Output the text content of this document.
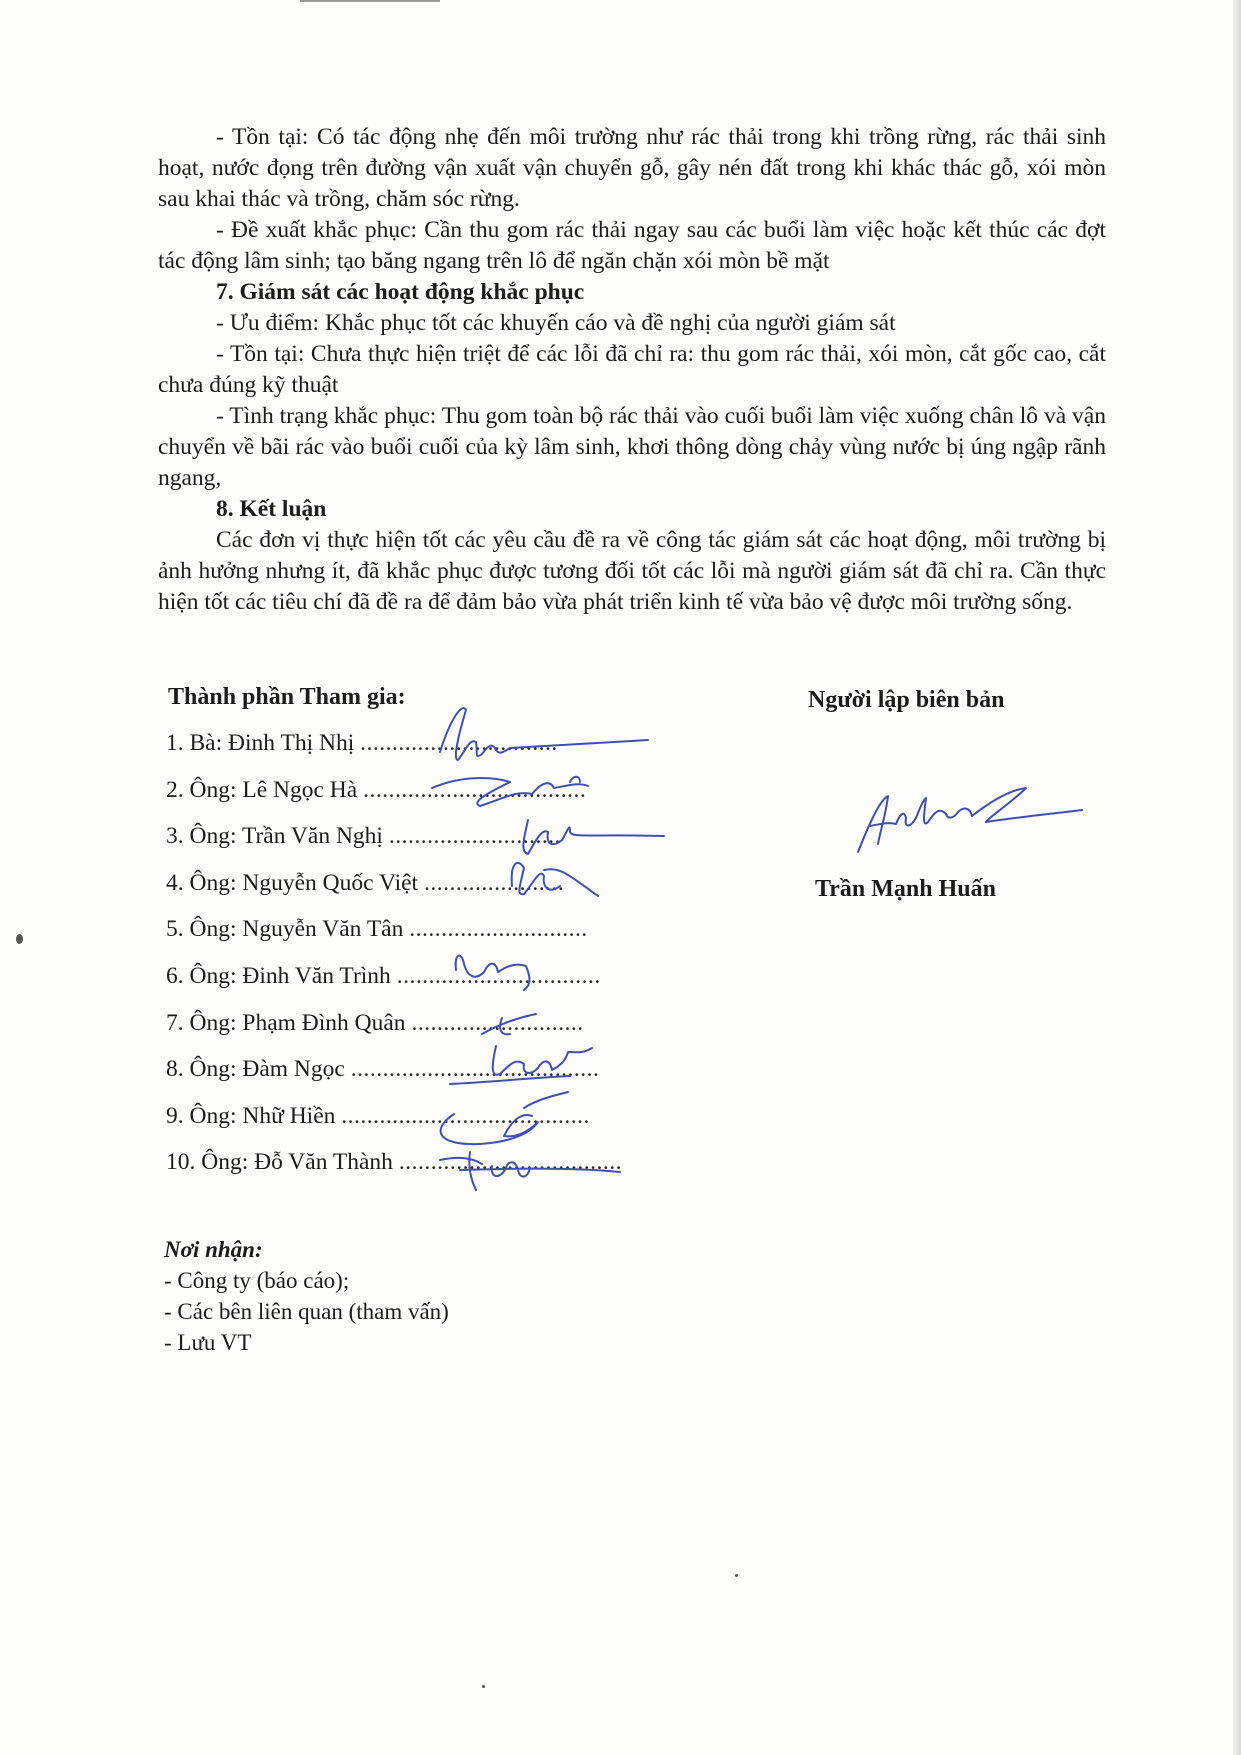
- Tồn tại: Có tác động nhẹ đến môi trường như rác thải trong khi trồng rừng, rác thải sinh hoạt, nước đọng trên đường vận xuất vận chuyển gỗ, gây nén đất trong khi khác thác gỗ, xói mòn sau khai thác và trồng, chăm sóc rừng.

- Đề xuất khắc phục: Cần thu gom rác thải ngay sau các buổi làm việc hoặc kết thúc các đợt tác động lâm sinh; tạo băng ngang trên lô để ngăn chặn xói mòn bề mặt

7. Giám sát các hoạt động khắc phục

- Ưu điểm: Khắc phục tốt các khuyến cáo và đề nghị của người giám sát

- Tồn tại: Chưa thực hiện triệt để các lỗi đã chỉ ra: thu gom rác thải, xói mòn, cắt gốc cao, cắt chưa đúng kỹ thuật

- Tình trạng khắc phục: Thu gom toàn bộ rác thải vào cuối buổi làm việc xuống chân lô và vận chuyển về bãi rác vào buổi cuối của kỳ lâm sinh, khơi thông dòng chảy vùng nước bị úng ngập rãnh ngang,

8. Kết luận

Các đơn vị thực hiện tốt các yêu cầu đề ra về công tác giám sát các hoạt động, môi trường bị ảnh hưởng nhưng ít, đã khắc phục được tương đối tốt các lỗi mà người giám sát đã chỉ ra. Cần thực hiện tốt các tiêu chí đã đề ra để đảm bảo vừa phát triển kinh tế vừa bảo vệ được môi trường sống.

Thành phần Tham gia:
1. Bà: Đinh Thị Nhị ...............................
2. Ông: Lê Ngọc Hà ...................................
3. Ông: Trần Văn Nghị ...........................
4. Ông: Nguyễn Quốc Việt ......................
5. Ông: Nguyễn Văn Tân ............................
6. Ông: Đinh Văn Trình ................................
7. Ông: Phạm Đình Quân ...........................
8. Ông: Đàm Ngọc .......................................
9. Ông: Nhữ Hiền .......................................
10. Ông: Đỗ Văn Thành ...................................
Người lập biên bản
Trần Mạnh Huấn
Nơi nhận:
- Công ty (báo cáo);
- Các bên liên quan (tham vấn)
- Lưu VT
